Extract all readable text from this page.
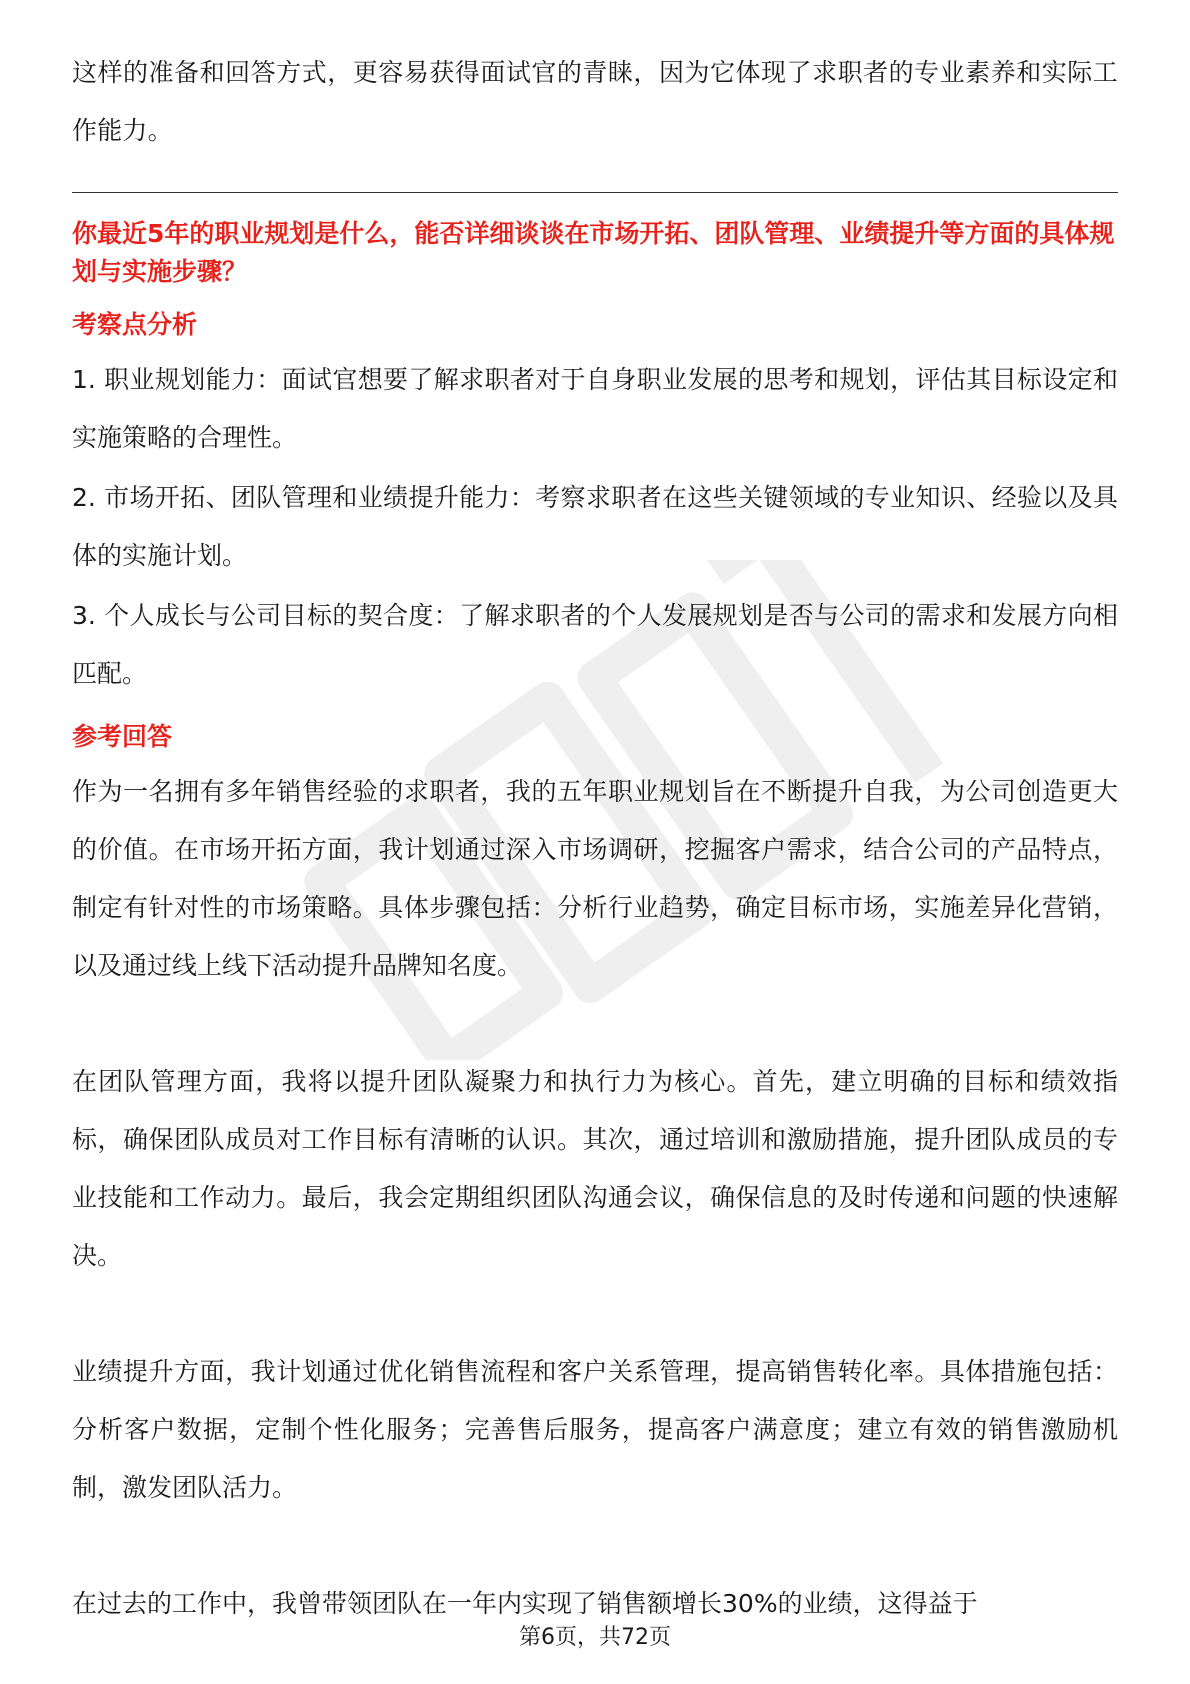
这样的准备和回答方式，更容易获得面试官的青睐，因为它体现了求职者的专业素养和实际工作能力。

你最近5年的职业规划是什么，能否详细谈谈在市场开拓、团队管理、业绩提升等方面的具体规划与实施步骤？

考察点分析

1. 职业规划能力：面试官想要了解求职者对于自身职业发展的思考和规划，评估其目标设定和实施策略的合理性。

2. 市场开拓、团队管理和业绩提升能力：考察求职者在这些关键领域的专业知识、经验以及具体的实施计划。

3. 个人成长与公司目标的契合度：了解求职者的个人发展规划是否与公司的需求和发展方向相匹配。

参考回答

作为一名拥有多年销售经验的求职者，我的五年职业规划旨在不断提升自我，为公司创造更大的价值。在市场开拓方面，我计划通过深入市场调研，挖掘客户需求，结合公司的产品特点，制定有针对性的市场策略。具体步骤包括：分析行业趋势，确定目标市场，实施差异化营销，以及通过线上线下活动提升品牌知名度。

在团队管理方面，我将以提升团队凝聚力和执行力为核心。首先，建立明确的目标和绩效指标，确保团队成员对工作目标有清晰的认识。其次，通过培训和激励措施，提升团队成员的专业技能和工作动力。最后，我会定期组织团队沟通会议，确保信息的及时传递和问题的快速解决。

业绩提升方面，我计划通过优化销售流程和客户关系管理，提高销售转化率。具体措施包括：分析客户数据，定制个性化服务；完善售后服务，提高客户满意度；建立有效的销售激励机制，激发团队活力。

在过去的工作中，我曾带领团队在一年内实现了销售额增长30%的业绩，这得益于

第6页，共72页
